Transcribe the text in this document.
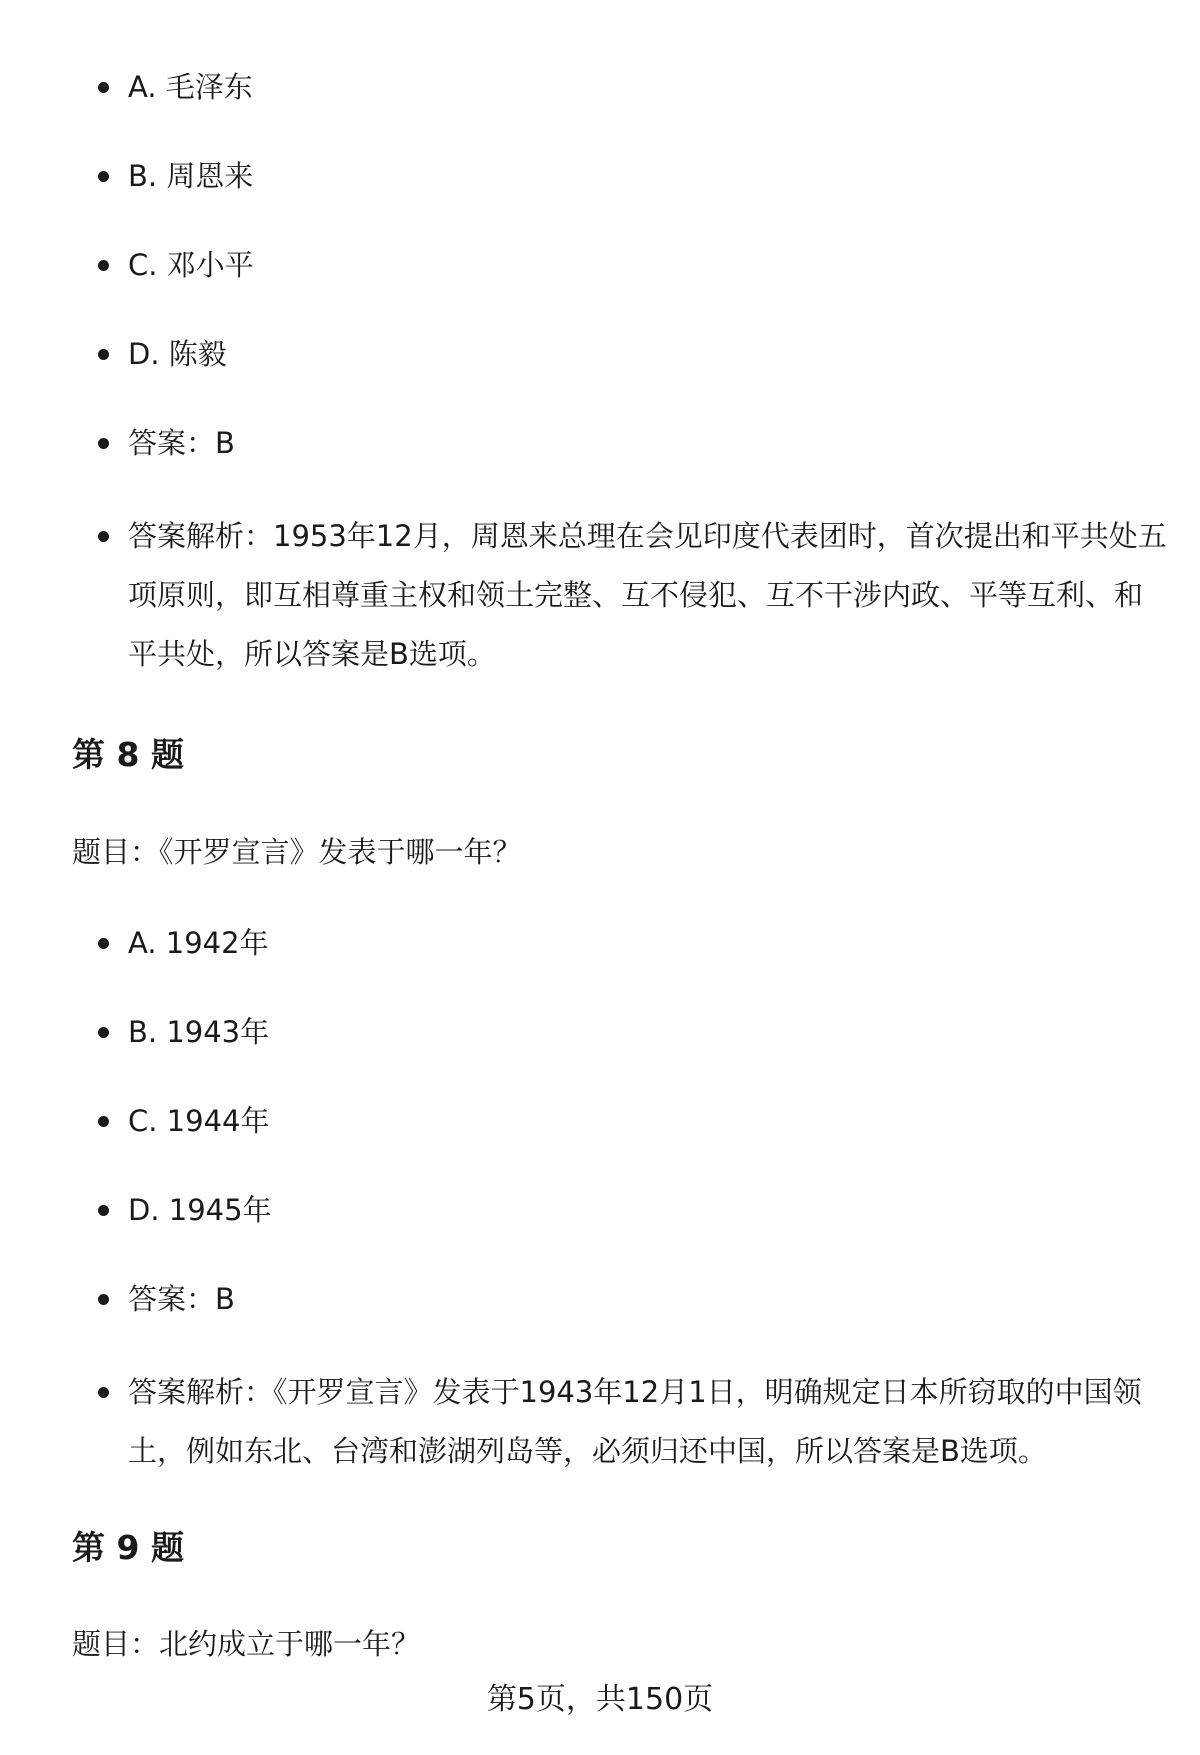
A. 毛泽东
B. 周恩来
C. 邓小平
D. 陈毅
答案：B
答案解析：1953年12月，周恩来总理在会见印度代表团时，首次提出和平共处五项原则，即互相尊重主权和领土完整、互不侵犯、互不干涉内政、平等互利、和平共处，所以答案是B选项。
第 8 题
题目：《开罗宣言》发表于哪一年？
A. 1942年
B. 1943年
C. 1944年
D. 1945年
答案：B
答案解析：《开罗宣言》发表于1943年12月1日，明确规定日本所窃取的中国领土，例如东北、台湾和澎湖列岛等，必须归还中国，所以答案是B选项。
第 9 题
题目：北约成立于哪一年？
第5页，共150页
